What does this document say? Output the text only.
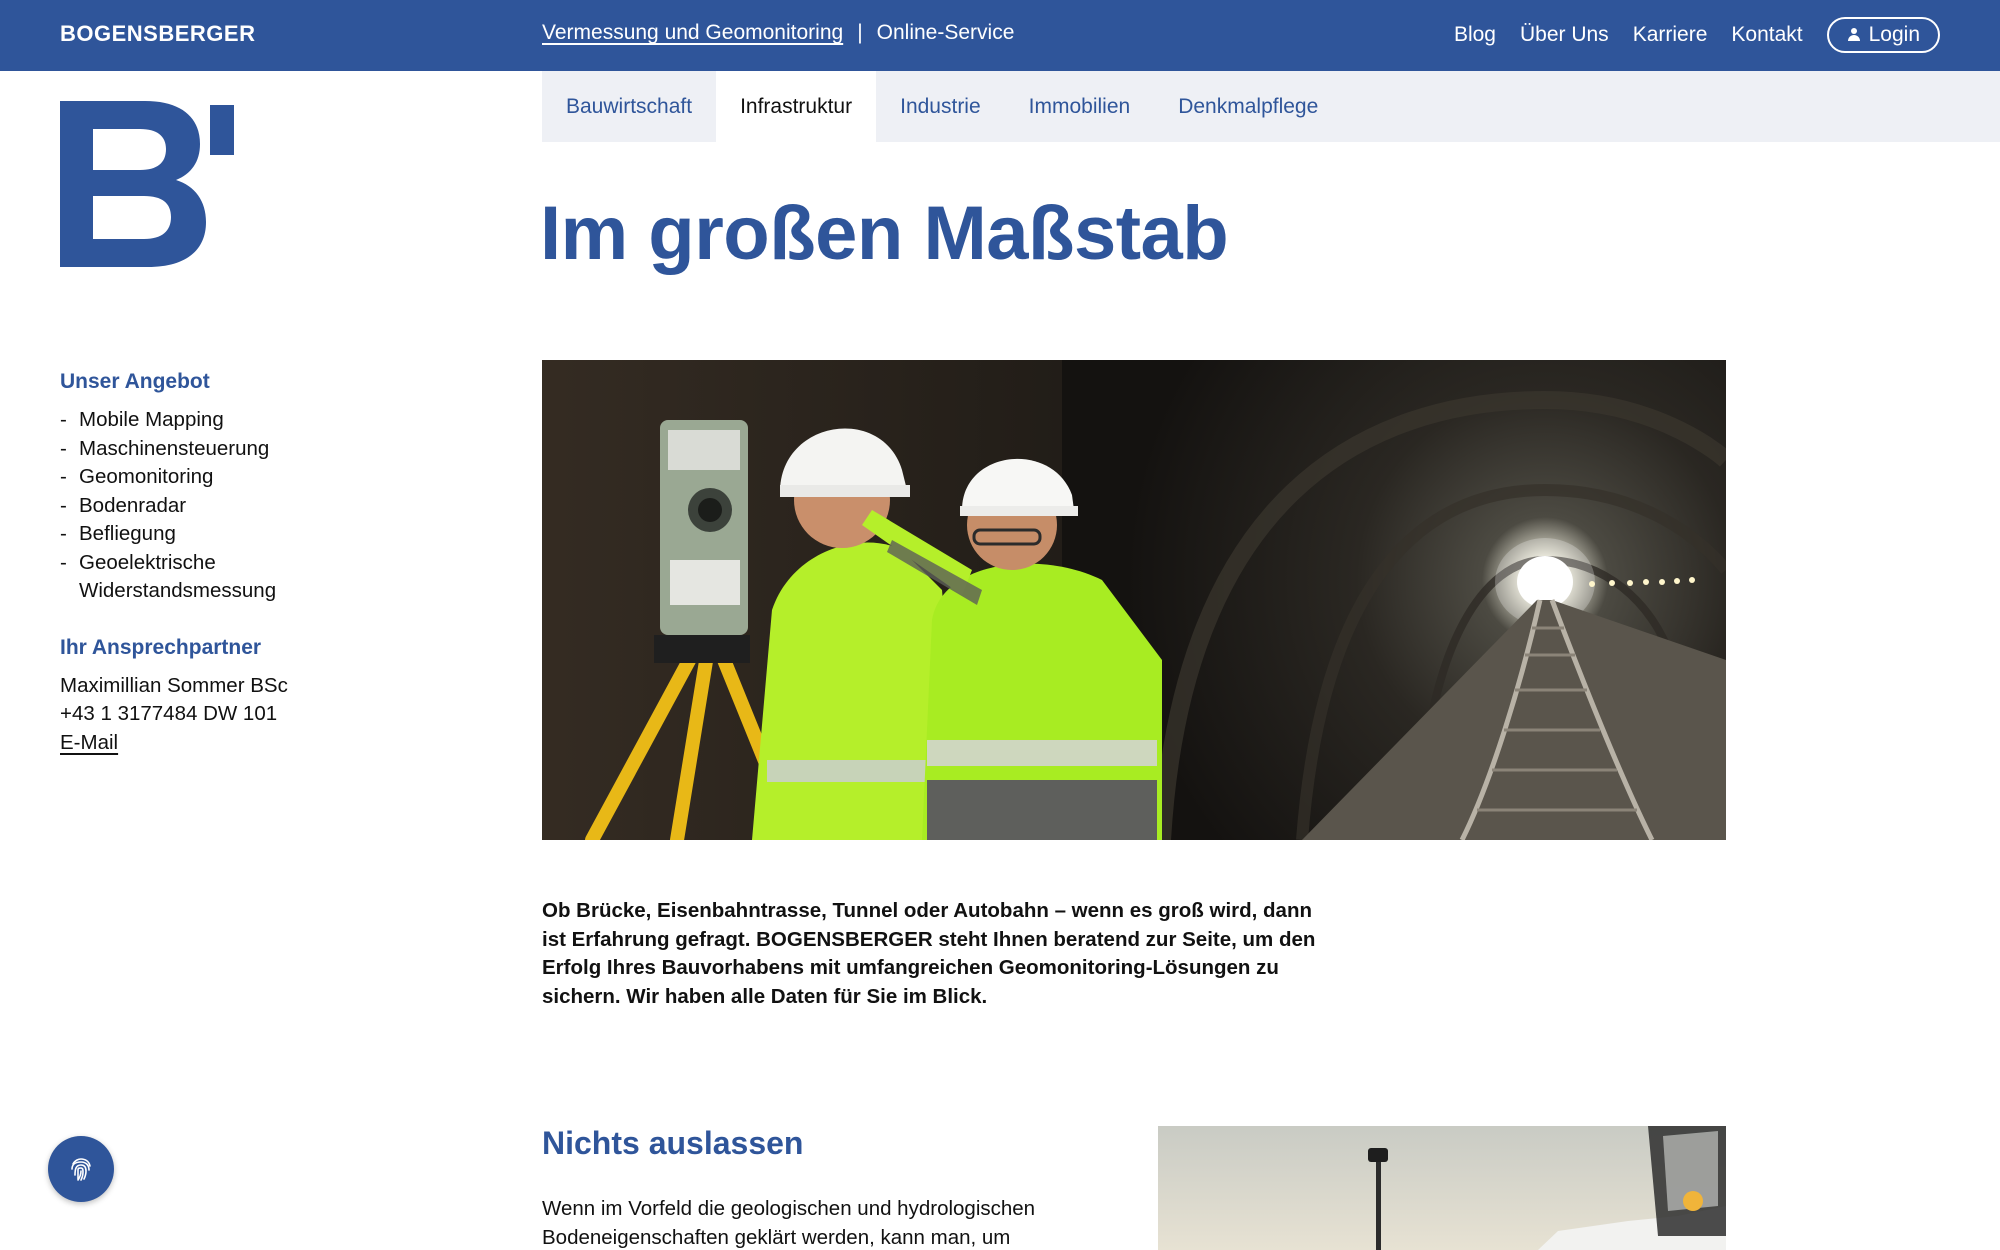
BOGENSBERGER	Vermessung und Geomonitoring | Online-Service	Blog Über Uns Karriere Kontakt	Login
Bauwirtschaft	Infrastruktur	Industrie	Immobilien	Denkmalpflege
Unser Angebot
- Mobile Mapping
- Maschinensteuerung
- Geomonitoring
- Bodenradar
- Befliegung
- Geoelektrische Widerstandsmessung
Ihr Ansprechpartner
Maximillian Sommer BSc
+43 1 3177484 DW 101
E-Mail
Im großen Maßstab

Ob Brücke, Eisenbahntrasse, Tunnel oder Autobahn – wenn es groß wird, dann ist Erfahrung gefragt. BOGENSBERGER steht Ihnen beratend zur Seite, um den Erfolg Ihres Bauvorhabens mit umfangreichen Geomonitoring-Lösungen zu sichern. Wir haben alle Daten für Sie im Blick.

Nichts auslassen

Wenn im Vorfeld die geologischen und hydrologischen Bodeneigenschaften geklärt werden, kann man, um
